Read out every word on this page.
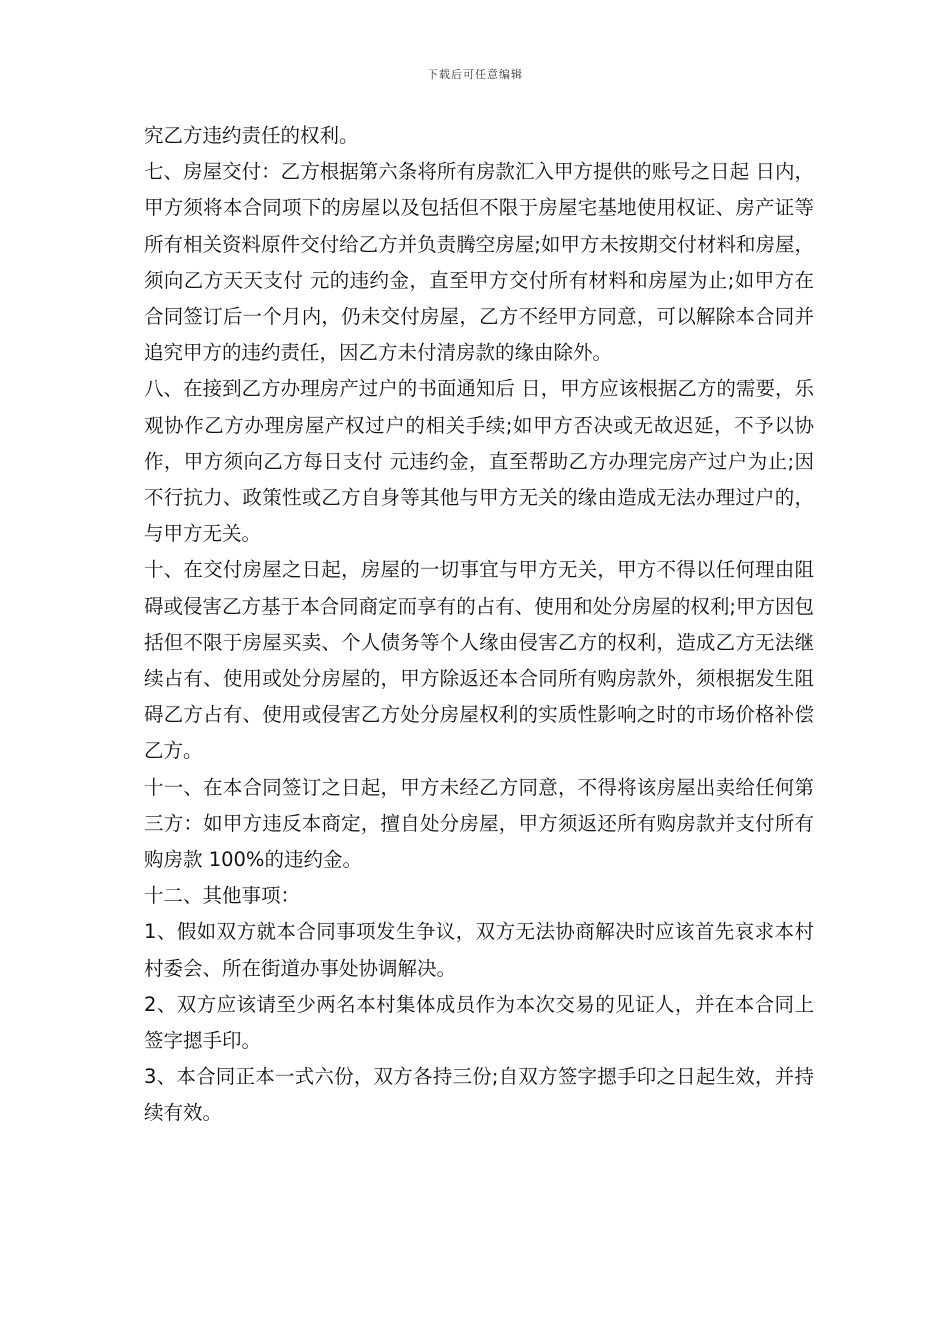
下载后可任意编辑

究乙方违约责任的权利。

七、房屋交付：乙方根据第六条将所有房款汇入甲方提供的账号之日起 日内，甲方须将本合同项下的房屋以及包括但不限于房屋宅基地使用权证、房产证等所有相关资料原件交付给乙方并负责腾空房屋;如甲方未按期交付材料和房屋，须向乙方天天支付 元的违约金，直至甲方交付所有材料和房屋为止;如甲方在合同签订后一个月内，仍未交付房屋，乙方不经甲方同意，可以解除本合同并追究甲方的违约责任，因乙方未付清房款的缘由除外。

八、在接到乙方办理房产过户的书面通知后 日，甲方应该根据乙方的需要，乐观协作乙方办理房屋产权过户的相关手续;如甲方否决或无故迟延，不予以协作，甲方须向乙方每日支付 元违约金，直至帮助乙方办理完房产过户为止;因不行抗力、政策性或乙方自身等其他与甲方无关的缘由造成无法办理过户的，与甲方无关。

十、在交付房屋之日起，房屋的一切事宜与甲方无关，甲方不得以任何理由阻碍或侵害乙方基于本合同商定而享有的占有、使用和处分房屋的权利;甲方因包括但不限于房屋买卖、个人债务等个人缘由侵害乙方的权利，造成乙方无法继续占有、使用或处分房屋的，甲方除返还本合同所有购房款外，须根据发生阻碍乙方占有、使用或侵害乙方处分房屋权利的实质性影响之时的市场价格补偿乙方。

十一、在本合同签订之日起，甲方未经乙方同意，不得将该房屋出卖给任何第三方：如甲方违反本商定，擅自处分房屋，甲方须返还所有购房款并支付所有购房款 100%的违约金。

十二、其他事项：

1、假如双方就本合同事项发生争议，双方无法协商解决时应该首先哀求本村村委会、所在街道办事处协调解决。

2、双方应该请至少两名本村集体成员作为本次交易的见证人，并在本合同上签字摁手印。

3、本合同正本一式六份，双方各持三份;自双方签字摁手印之日起生效，并持续有效。
